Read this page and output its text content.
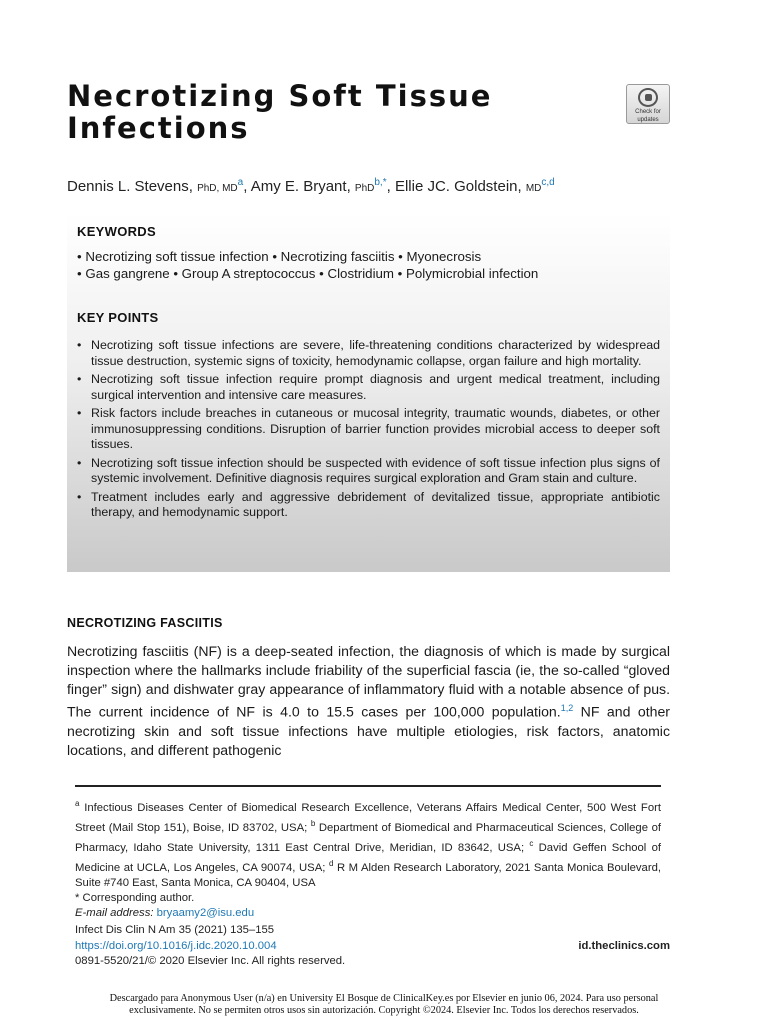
Necrotizing Soft Tissue Infections	Check for
updates
Dennis L. Stevens, PhD, $MD^a$, Amy E. Bryant, PhD$^{b,*}$, Ellie JC. Goldstein, MD$^{c,d}$
KEYWORDS
• Necrotizing soft tissue infection • Necrotizing fasciitis • Myonecrosis
• Gas gangrene • Group A streptococcus • Clostridium • Polymicrobial infection
KEY POINTS
• Necrotizing soft tissue infections are severe, life-threatening conditions characterized by widespread tissue destruction, systemic signs of toxicity, hemodynamic collapse, organ failure and high mortality.
• Necrotizing soft tissue infection require prompt diagnosis and urgent medical treatment, including surgical intervention and intensive care measures.
• Risk factors include breaches in cutaneous or mucosal integrity, traumatic wounds, diabetes, or other immunosuppressing conditions. Disruption of barrier function provides microbial access to deeper soft tissues.
• Necrotizing soft tissue infection should be suspected with evidence of soft tissue infection plus signs of systemic involvement. Definitive diagnosis requires surgical exploration and Gram stain and culture.
• Treatment includes early and aggressive debridement of devitalized tissue, appropriate antibiotic therapy, and hemodynamic support.
NECROTIZING FASCIITIS

Necrotizing fasciitis (NF) is a deep-seated infection, the diagnosis of which is made by surgical inspection where the hallmarks include friability of the superficial fascia (ie, the so-called “gloved finger” sign) and dishwater gray appearance of inflammatory fluid with a notable absence of pus. The current incidence of NF is 4.0 to 15.5 cases per 100,000 population.$^{1,2}$ NF and other necrotizing skin and soft tissue infections have multiple etiologies, risk factors, anatomic locations, and different pathogenic

$^a$ Infectious Diseases Center of Biomedical Research Excellence, Veterans Affairs Medical Center, 500 West Fort Street (Mail Stop 151), Boise, ID 83702, USA; $^b$ Department of Biomedical and Pharmaceutical Sciences, College of Pharmacy, Idaho State University, 1311 East Central Drive, Meridian, ID 83642, USA; $^c$ David Geffen School of Medicine at UCLA, Los Angeles, CA 90074, USA; $^d$ R M Alden Research Laboratory, 2021 Santa Monica Boulevard, Suite #740 East, Santa Monica, CA 90404, USA

* Corresponding author.

E-mail address: bryaamy2@isu.edu

Infect Dis Clin N Am 35 (2021) 135–155
https://doi.org/10.1016/j.idc.2020.10.004
0891-5520/21/© 2020 Elsevier Inc. All rights reserved.
id.theclinics.com
Descargado para Anonymous User (n/a) en University El Bosque de ClinicalKey.es por Elsevier en junio 06, 2024. Para uso personal
exclusivamente. No se permiten otros usos sin autorización. Copyright ©2024. Elsevier Inc. Todos los derechos reservados.
